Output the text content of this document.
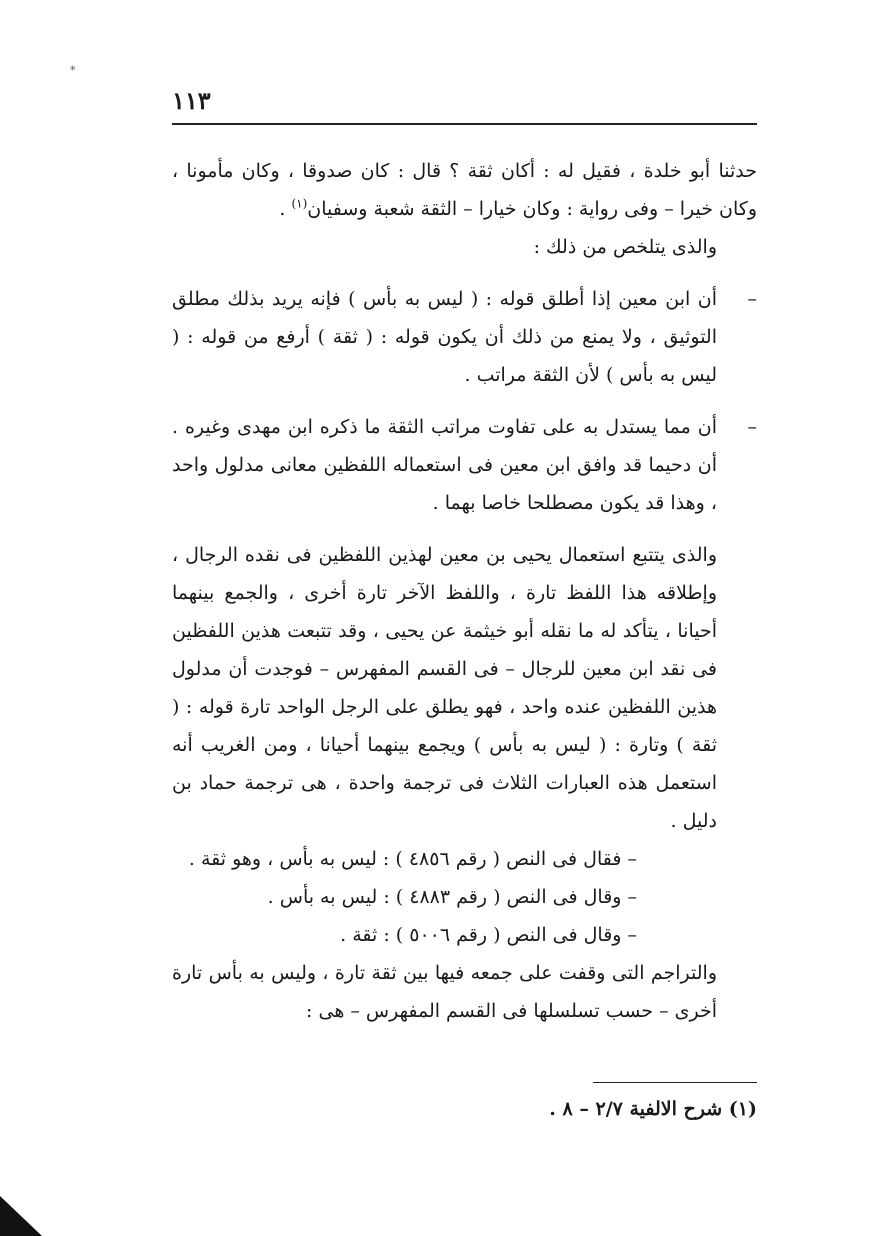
*
١١٣

حدثنا أبو خلدة ، فقيل له : أكان ثقة ؟ قال : كان صدوقا ، وكان مأمونا ، وكان خيرا – وفى رواية : وكان خيارا – الثقة شعبة وسفيان$^{(١)}$ .

والذى يتلخص من ذلك :

–
أن ابن معين إذا أطلق قوله : ( ليس به بأس ) فإنه يريد بذلك مطلق التوثيق ، ولا يمنع من ذلك أن يكون قوله : ( ثقة ) أرفع من قوله : ( ليس به بأس ) لأن الثقة مراتب .
–
أن مما يستدل به على تفاوت مراتب الثقة ما ذكره ابن مهدى وغيره . أن دحيما قد وافق ابن معين فى استعماله اللفظين معانى مدلول واحد ، وهذا قد يكون مصطلحا خاصا بهما .

والذى يتتبع استعمال يحيى بن معين لهذين اللفظين فى نقده الرجال ، وإطلاقه هذا اللفظ تارة ، واللفظ الآخر تارة أخرى ، والجمع بينهما أحيانا ، يتأكد له ما نقله أبو خيثمة عن يحيى ، وقد تتبعت هذين اللفظين فى نقد ابن معين للرجال – فى القسم المفهرس – فوجدت أن مدلول هذين اللفظين عنده واحد ، فهو يطلق على الرجل الواحد تارة قوله : ( ثقة ) وتارة : ( ليس به بأس ) ويجمع بينهما أحيانا ، ومن الغريب أنه استعمل هذه العبارات الثلاث فى ترجمة واحدة ، هى ترجمة حماد بن دليل .

– فقال فى النص ( رقم ٤٨٥٦ ) : ليس به بأس ، وهو ثقة .

– وقال فى النص ( رقم ٤٨٨٣ ) : ليس به بأس .

– وقال فى النص ( رقم ٥٠٠٦ ) : ثقة .

والتراجم التى وقفت على جمعه فيها بين ثقة تارة ، وليس به بأس تارة أخرى – حسب تسلسلها فى القسم المفهرس – هى :

(١) شرح الالفية ٢/٧ – ٨ .
